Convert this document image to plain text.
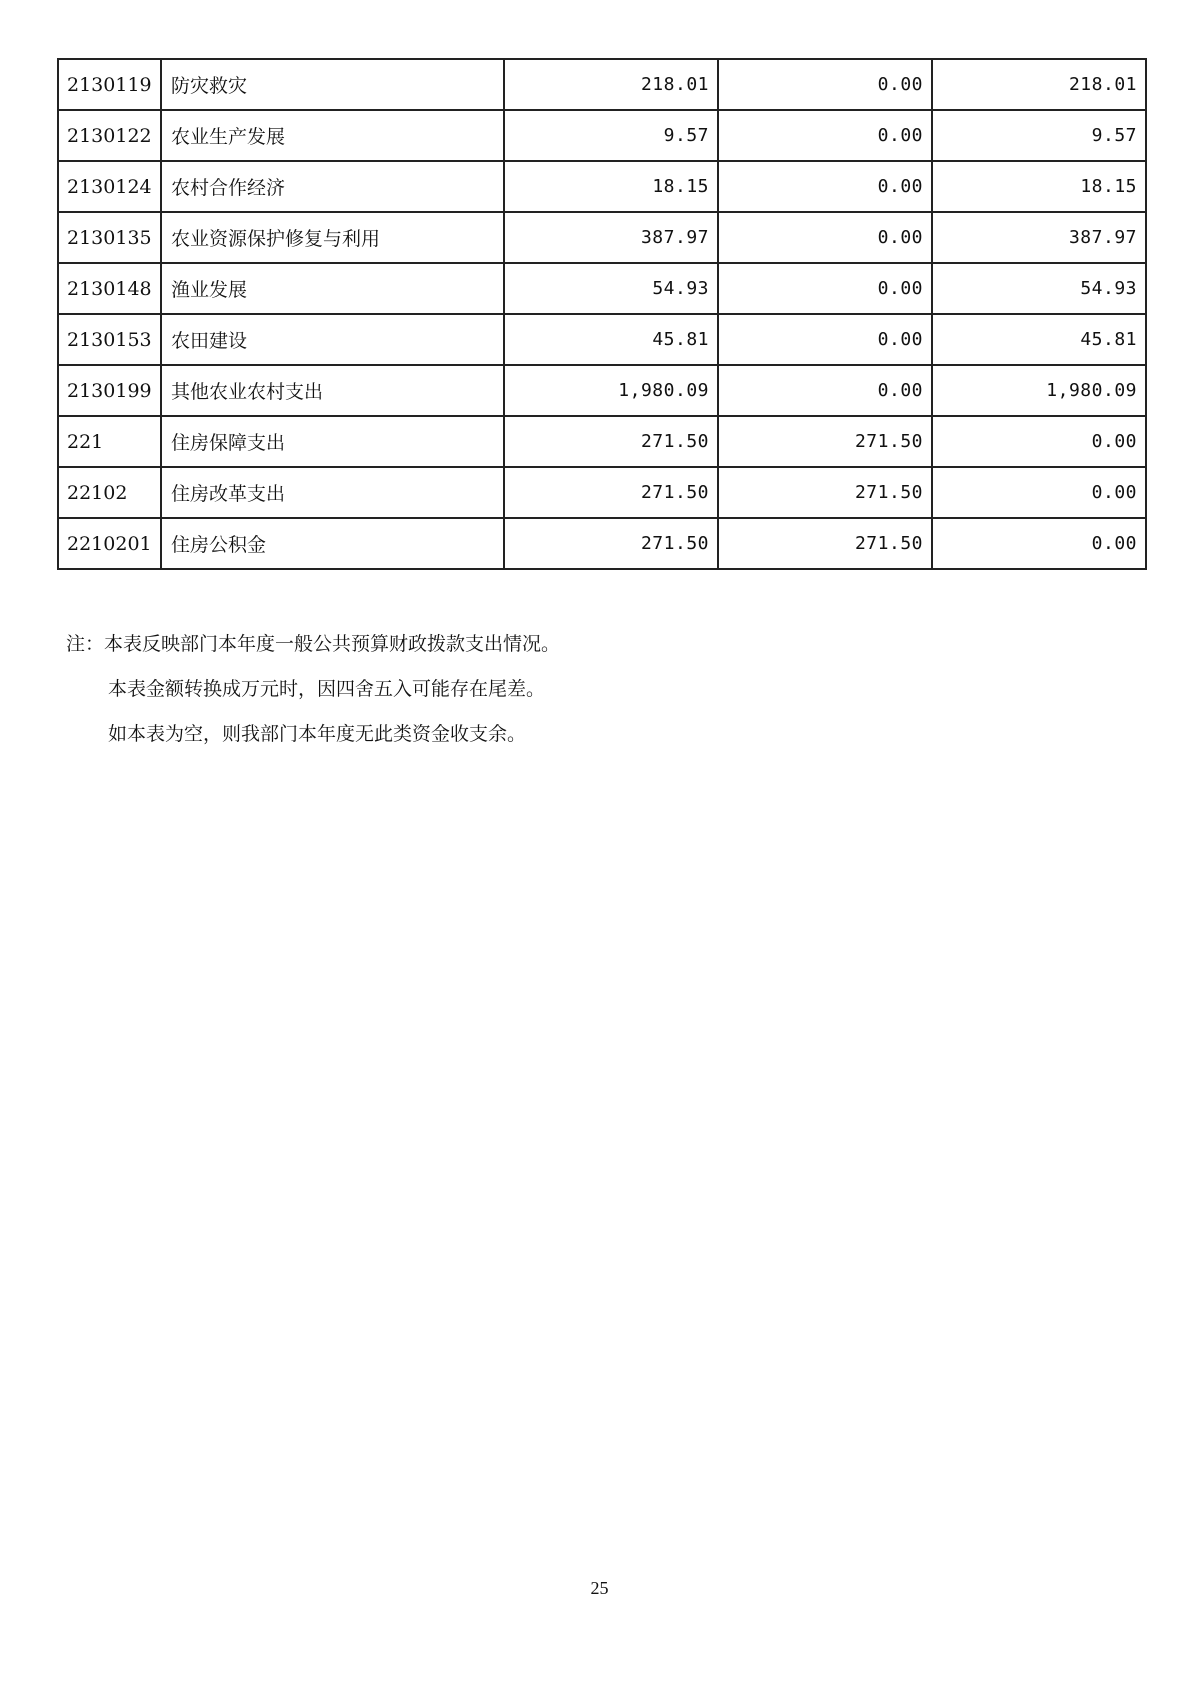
2130119	防灾救灾	218.01	0.00	218.01
2130122	农业生产发展	9.57	0.00	9.57
2130124	农村合作经济	18.15	0.00	18.15
2130135	农业资源保护修复与利用	387.97	0.00	387.97
2130148	渔业发展	54.93	0.00	54.93
2130153	农田建设	45.81	0.00	45.81
2130199	其他农业农村支出	1,980.09	0.00	1,980.09
221	住房保障支出	271.50	271.50	0.00
22102	住房改革支出	271.50	271.50	0.00
2210201	住房公积金	271.50	271.50	0.00
注：本表反映部门本年度一般公共预算财政拨款支出情况。
本表金额转换成万元时，因四舍五入可能存在尾差。
如本表为空，则我部门本年度无此类资金收支余。
25
